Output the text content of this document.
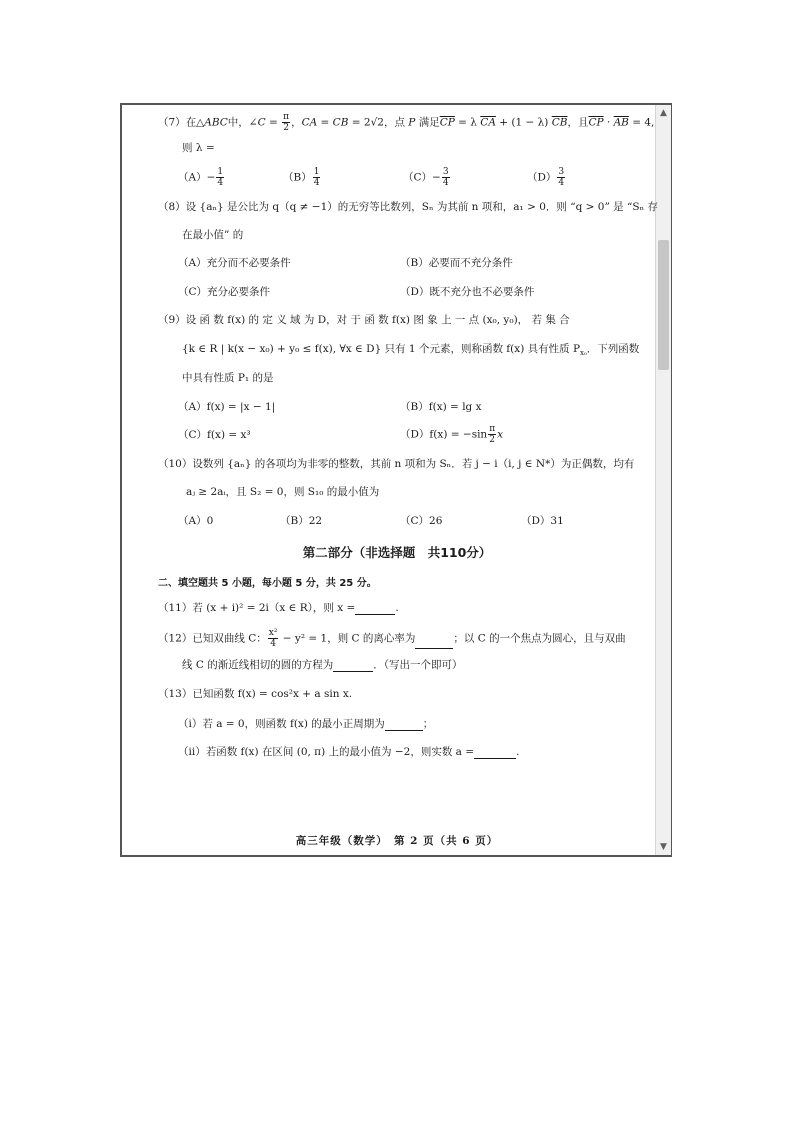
▲
▼
（7）在△ABC中，∠C = $\frac{\pi}{2}$ ，CA = CB = 2√2，点 P 满足$\overline{CP} = \lambda$ $\overline{CA} + (1 - \lambda)$ $\overline{CB}$，且$\overline{CP} \cdot \overline{AB} = 4$,
则 λ =
$(A)- \frac{1}{4}$	$(B) \frac{1}{4}$	$(C)- \frac{3}{4}$	$(D) \frac{3}{4}$
（8）设 {aₙ} 是公比为 q（q ≠ −1）的无穷等比数列，Sₙ 为其前 n 项和，a₁ > 0．则 “q > 0” 是 “Sₙ 存
在最小值” 的
（A）充分而不必要条件	（B）必要而不充分条件
（C）充分必要条件	（D）既不充分也不必要条件
（9）设 函 数 f(x) 的 定 义 域 为 D，对 于 函 数 f(x) 图 象 上 一 点 (x₀, y₀)， 若 集 合
{k ∈ R | k(x − x₀) + y₀ ≤ f(x), ∀x ∈ D} 只有 1 个元素，则称函数 f(x) 具有性质 $P_{x_0}$．下列函数
中具有性质 P₁ 的是
（A）f(x) = |x − 1|	（B）f(x) = lg x
（C）f(x) = x³	$(D)f(x) = -\sin \frac{\pi}{2}$ x
（10）设数列 {aₙ} 的各项均为非零的整数，其前 n 项和为 Sₙ．若 j − i（i, j ∈ N*）为正偶数，均有
aⱼ ≥ 2aᵢ，且 S₂ = 0，则 S₁₀ 的最小值为
（A）0	（B）22	（C）26	（D）31
第二部分（非选择题　共110分）
二、填空题共 5 小题，每小题 5 分，共 25 分。
（11）若 (x + i)² = 2i（x ∈ R），则 x =	.
（12）已知双曲线 C： $\frac{\text{x²}}{4} - y^2 = 1$，则 C 的离心率为	；以 C 的一个焦点为圆心，且与双曲
线 C 的渐近线相切的圆的方程为	．（写出一个即可）
（13）已知函数 f(x) = cos²x + a sin x.
（ⅰ）若 a = 0，则函数 f(x) 的最小正周期为	；
（ⅱ）若函数 f(x) 在区间 (0, π) 上的最小值为 −2，则实数 a =	.
高三年级（数学）　第 2 页（共 6 页）
